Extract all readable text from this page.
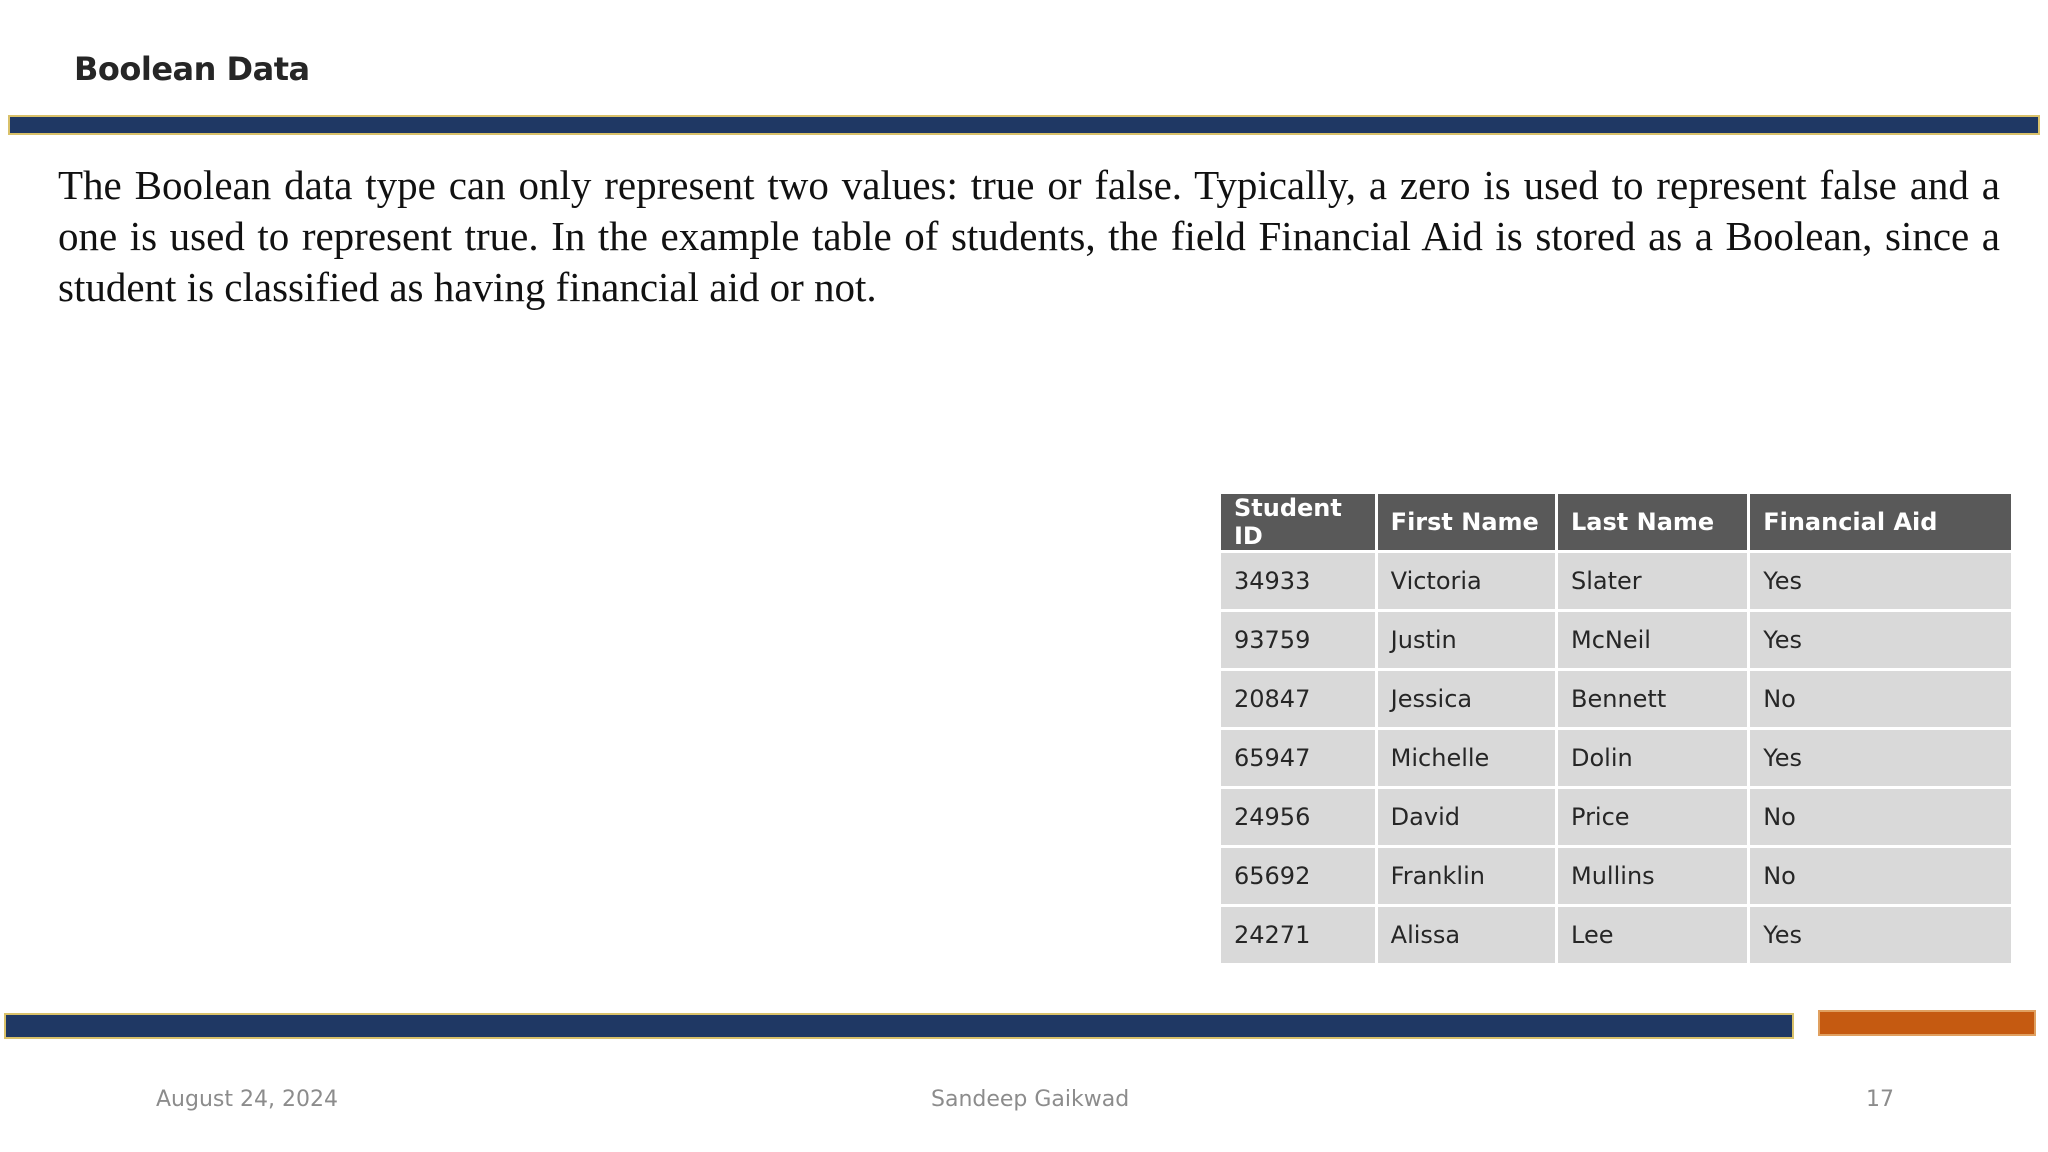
Boolean Data

The Boolean data type can only represent two values: true or false. Typically, a zero is used to represent false and a one is used to represent true. In the example table of students, the field Financial Aid is stored as a Boolean, since a student is classified as having financial aid or not.

Student ID	First Name	Last Name	Financial Aid
34933	Victoria	Slater	Yes
93759	Justin	McNeil	Yes
20847	Jessica	Bennett	No
65947	Michelle	Dolin	Yes
24956	David	Price	No
65692	Franklin	Mullins	No
24271	Alissa	Lee	Yes
August 24, 2024	Sandeep Gaikwad	17
